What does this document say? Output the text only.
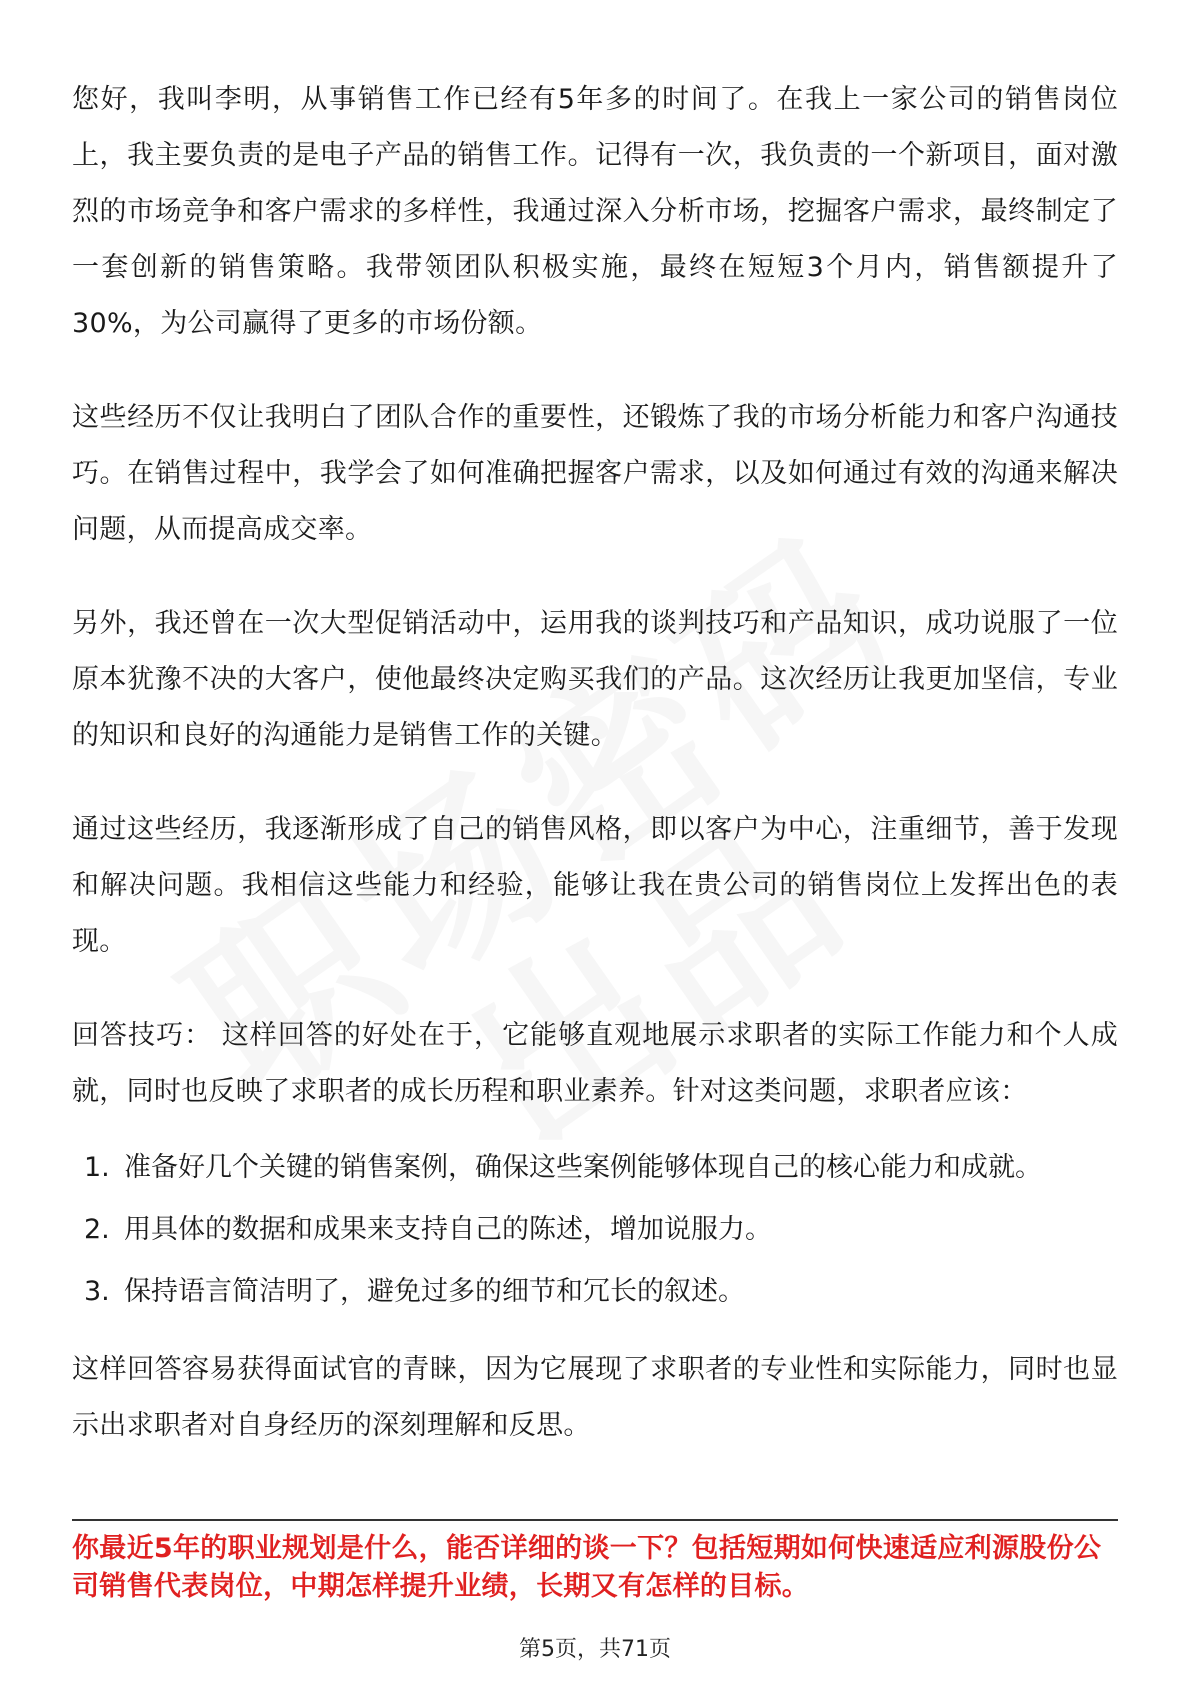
您好，我叫李明，从事销售工作已经有5年多的时间了。在我上一家公司的销售岗位上，我主要负责的是电子产品的销售工作。记得有一次，我负责的一个新项目，面对激烈的市场竞争和客户需求的多样性，我通过深入分析市场，挖掘客户需求，最终制定了一套创新的销售策略。我带领团队积极实施，最终在短短3个月内，销售额提升了30%，为公司赢得了更多的市场份额。

这些经历不仅让我明白了团队合作的重要性，还锻炼了我的市场分析能力和客户沟通技巧。在销售过程中，我学会了如何准确把握客户需求，以及如何通过有效的沟通来解决问题，从而提高成交率。

另外，我还曾在一次大型促销活动中，运用我的谈判技巧和产品知识，成功说服了一位原本犹豫不决的大客户，使他最终决定购买我们的产品。这次经历让我更加坚信，专业的知识和良好的沟通能力是销售工作的关键。

通过这些经历，我逐渐形成了自己的销售风格，即以客户为中心，注重细节，善于发现和解决问题。我相信这些能力和经验，能够让我在贵公司的销售岗位上发挥出色的表现。

回答技巧： 这样回答的好处在于，它能够直观地展示求职者的实际工作能力和个人成就，同时也反映了求职者的成长历程和职业素养。针对这类问题，求职者应该：

1. 准备好几个关键的销售案例，确保这些案例能够体现自己的核心能力和成就。
2. 用具体的数据和成果来支持自己的陈述，增加说服力。
3. 保持语言简洁明了，避免过多的细节和冗长的叙述。

这样回答容易获得面试官的青睐，因为它展现了求职者的专业性和实际能力，同时也显示出求职者对自身经历的深刻理解和反思。

你最近5年的职业规划是什么，能否详细的谈一下？包括短期如何快速适应利源股份公司销售代表岗位，中期怎样提升业绩，长期又有怎样的目标。
第5页，共71页
